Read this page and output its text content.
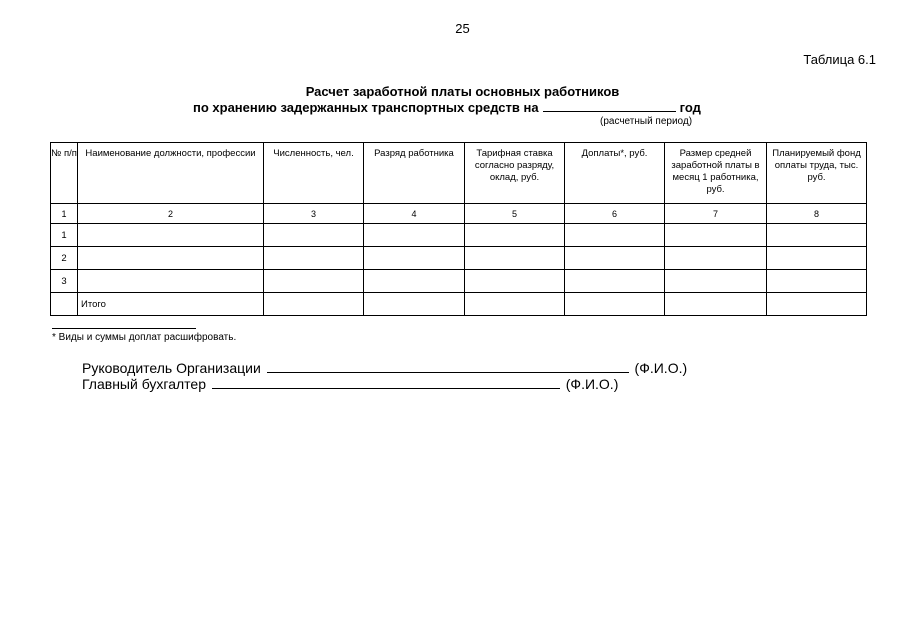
25
Таблица 6.1
Расчет заработной платы основных работников
по хранению задержанных транспортных средств на	год
(расчетный период)
№ п/п	Наименование должности, профессии	Численность, чел.	Разряд работника	Тарифная ставка согласно разряду, оклад, руб.	Доплаты*, руб.	Размер средней заработной платы в месяц 1 работника, руб.	Планируемый фонд оплаты труда, тыс. руб.
1	2	3	4	5	6	7	8
1							
2							
3							
	Итого						
* Виды и суммы доплат расшифровать.
Руководитель Организации	(Ф.И.О.)
Главный бухгалтер	(Ф.И.О.)
